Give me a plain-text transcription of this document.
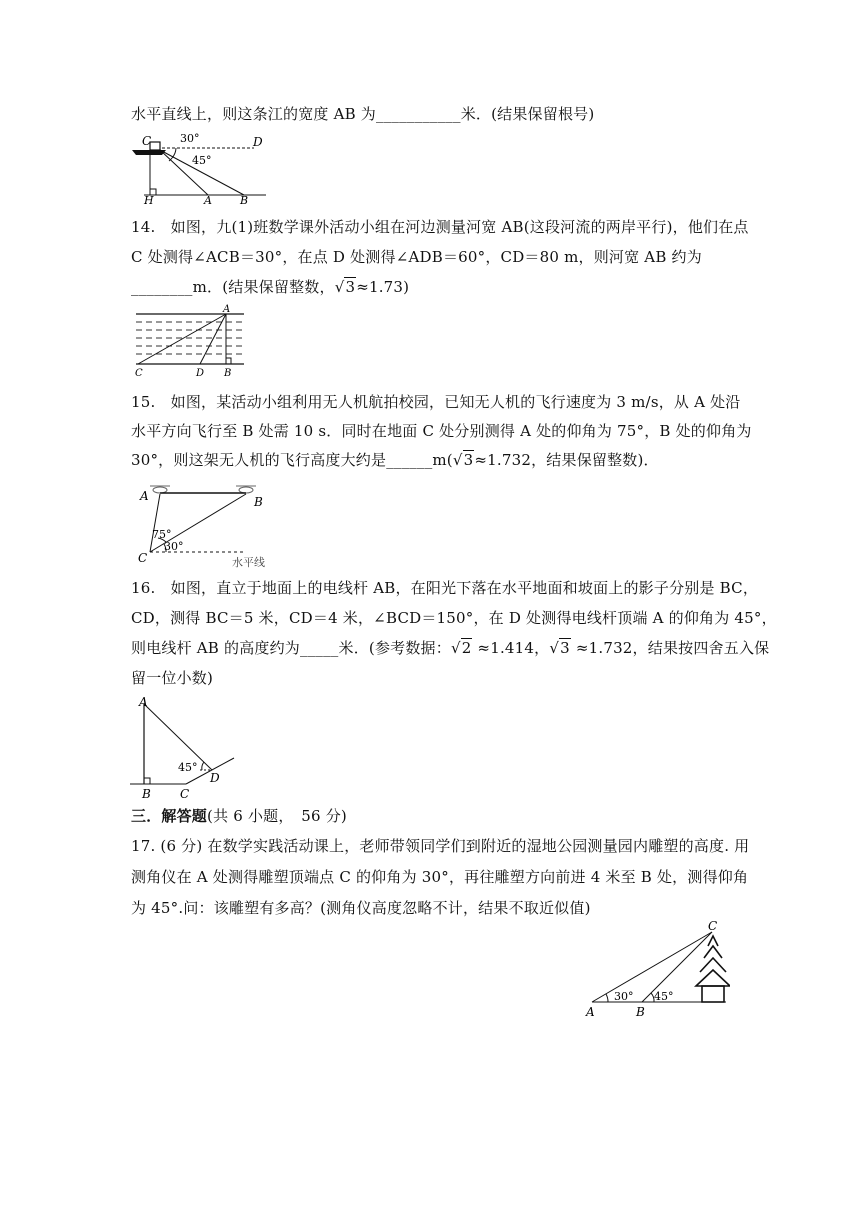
水平直线上，则这条江的宽度 AB 为___________米．(结果保留根号)
C	D
30°
45°
H	A	B
14.　如图，九(1)班数学课外活动小组在河边测量河宽 AB(这段河流的两岸平行)，他们在点
C 处测得∠ACB＝30°，在点 D 处测得∠ADB＝60°，CD＝80 m，则河宽 AB 约为
________m．(结果保留整数，√3≈1.73)
A
C	D B
15.　如图，某活动小组利用无人机航拍校园，已知无人机的飞行速度为 3 m/s，从 A 处沿
水平方向飞行至 B 处需 10 s．同时在地面 C 处分别测得 A 处的仰角为 75°，B 处的仰角为
30°，则这架无人机的飞行高度大约是______m(√3≈1.732，结果保留整数)．
A	B
C
75°
30°
水平线
16.　如图，直立于地面上的电线杆 AB，在阳光下落在水平地面和坡面上的影子分别是 BC，
CD，测得 BC＝5 米，CD＝4 米，∠BCD＝150°，在 D 处测得电线杆顶端 A 的仰角为 45°，
则电线杆 AB 的高度约为_____米．(参考数据：√2 ≈1.414，√3 ≈1.732，结果按四舍五入保
留一位小数)
A
B C
D
45°
三．解答题(共 6 小题，　56 分)
17. (6 分) 在数学实践活动课上，老师带领同学们到附近的湿地公园测量园内雕塑的高度. 用
测角仪在 A 处测得雕塑顶端点 C 的仰角为 30°，再往雕塑方向前进 4 米至 B 处，测得仰角
为 45°.问：该雕塑有多高？(测角仪高度忽略不计，结果不取近似值)
C
A	B
30° 45°
